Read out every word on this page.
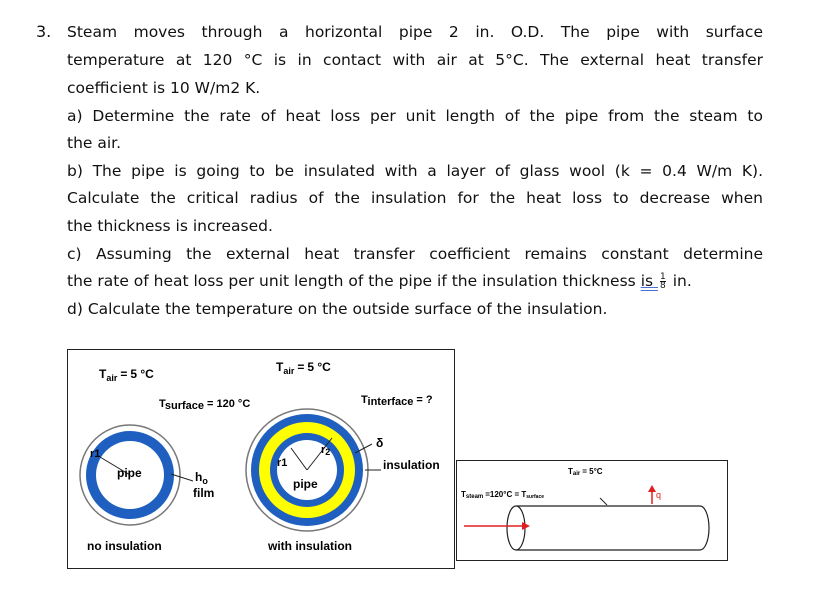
3. Steam moves through a horizontal pipe 2 in. O.D. The pipe with surface
temperature at 120 °C is in contact with air at 5°C. The external heat transfer
coefficient is 10 W/m2 K.
a) Determine the rate of heat loss per unit length of the pipe from the steam to
the air.
b) The pipe is going to be insulated with a layer of glass wool (k = 0.4 W/m K).
Calculate the critical radius of the insulation for the heat loss to decrease when
the thickness is increased.
c) Assuming the external heat transfer coefficient remains constant determine
the rate of heat loss per unit length of the pipe if the insulation thickness is $\frac{1}{8}$ in.
d) Calculate the temperature on the outside surface of the insulation.
$T_{air} = 5$ °C	$T_{air} = 5$ °C
Tsurface = 120 °C	Tinterface = ?
r1
pipe	$h_o$
film
r1
r2
pipe
δ
insulation
no insulation	with insulation
Tair = 5°C
Tsteam =120°C = Tsurface	q
